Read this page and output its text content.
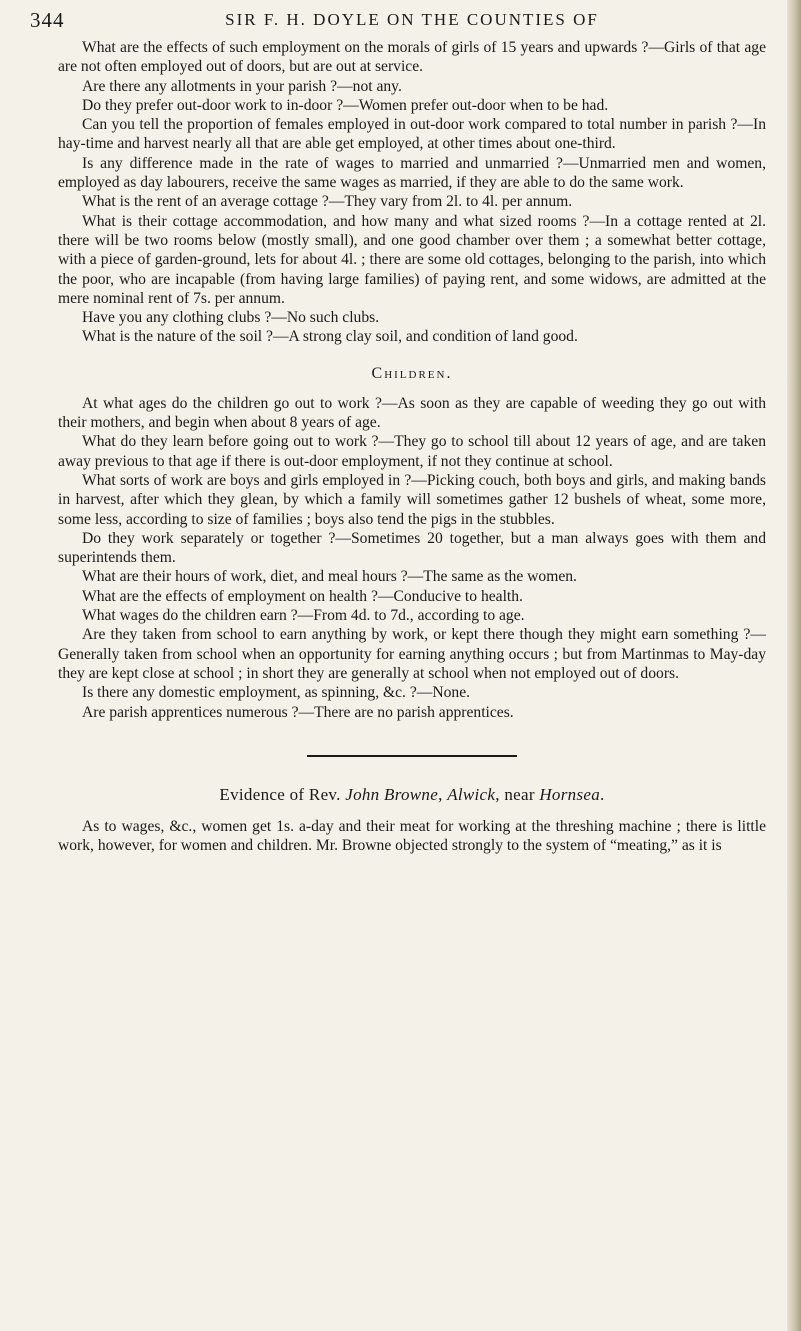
344	SIR F. H. DOYLE ON THE COUNTIES OF

What are the effects of such employment on the morals of girls of 15 years and upwards ?—Girls of that age are not often employed out of doors, but are out at service.

Are there any allotments in your parish ?—not any.

Do they prefer out-door work to in-door ?—Women prefer out-door when to be had.

Can you tell the proportion of females employed in out-door work compared to total number in parish ?—In hay-time and harvest nearly all that are able get employed, at other times about one-third.

Is any difference made in the rate of wages to married and unmarried ?—Unmarried men and women, employed as day labourers, receive the same wages as married, if they are able to do the same work.

What is the rent of an average cottage ?—They vary from 2l. to 4l. per annum.

What is their cottage accommodation, and how many and what sized rooms ?—In a cottage rented at 2l. there will be two rooms below (mostly small), and one good chamber over them ; a somewhat better cottage, with a piece of garden-ground, lets for about 4l. ; there are some old cottages, belonging to the parish, into which the poor, who are incapable (from having large families) of paying rent, and some widows, are admitted at the mere nominal rent of 7s. per annum.

Have you any clothing clubs ?—No such clubs.

What is the nature of the soil ?—A strong clay soil, and condition of land good.

Children.

At what ages do the children go out to work ?—As soon as they are capable of weeding they go out with their mothers, and begin when about 8 years of age.

What do they learn before going out to work ?—They go to school till about 12 years of age, and are taken away previous to that age if there is out-door employment, if not they continue at school.

What sorts of work are boys and girls employed in ?—Picking couch, both boys and girls, and making bands in harvest, after which they glean, by which a family will sometimes gather 12 bushels of wheat, some more, some less, according to size of families ; boys also tend the pigs in the stubbles.

Do they work separately or together ?—Sometimes 20 together, but a man always goes with them and superintends them.

What are their hours of work, diet, and meal hours ?—The same as the women.

What are the effects of employment on health ?—Conducive to health.

What wages do the children earn ?—From 4d. to 7d., according to age.

Are they taken from school to earn anything by work, or kept there though they might earn something ?—Generally taken from school when an opportunity for earning anything occurs ; but from Martinmas to May-day they are kept close at school ; in short they are generally at school when not employed out of doors.

Is there any domestic employment, as spinning, &c. ?—None.

Are parish apprentices numerous ?—There are no parish apprentices.

Evidence of Rev. John Browne, Alwick, near Hornsea.

As to wages, &c., women get 1s. a-day and their meat for working at the threshing machine ; there is little work, however, for women and children. Mr. Browne objected strongly to the system of “meating,” as it is
